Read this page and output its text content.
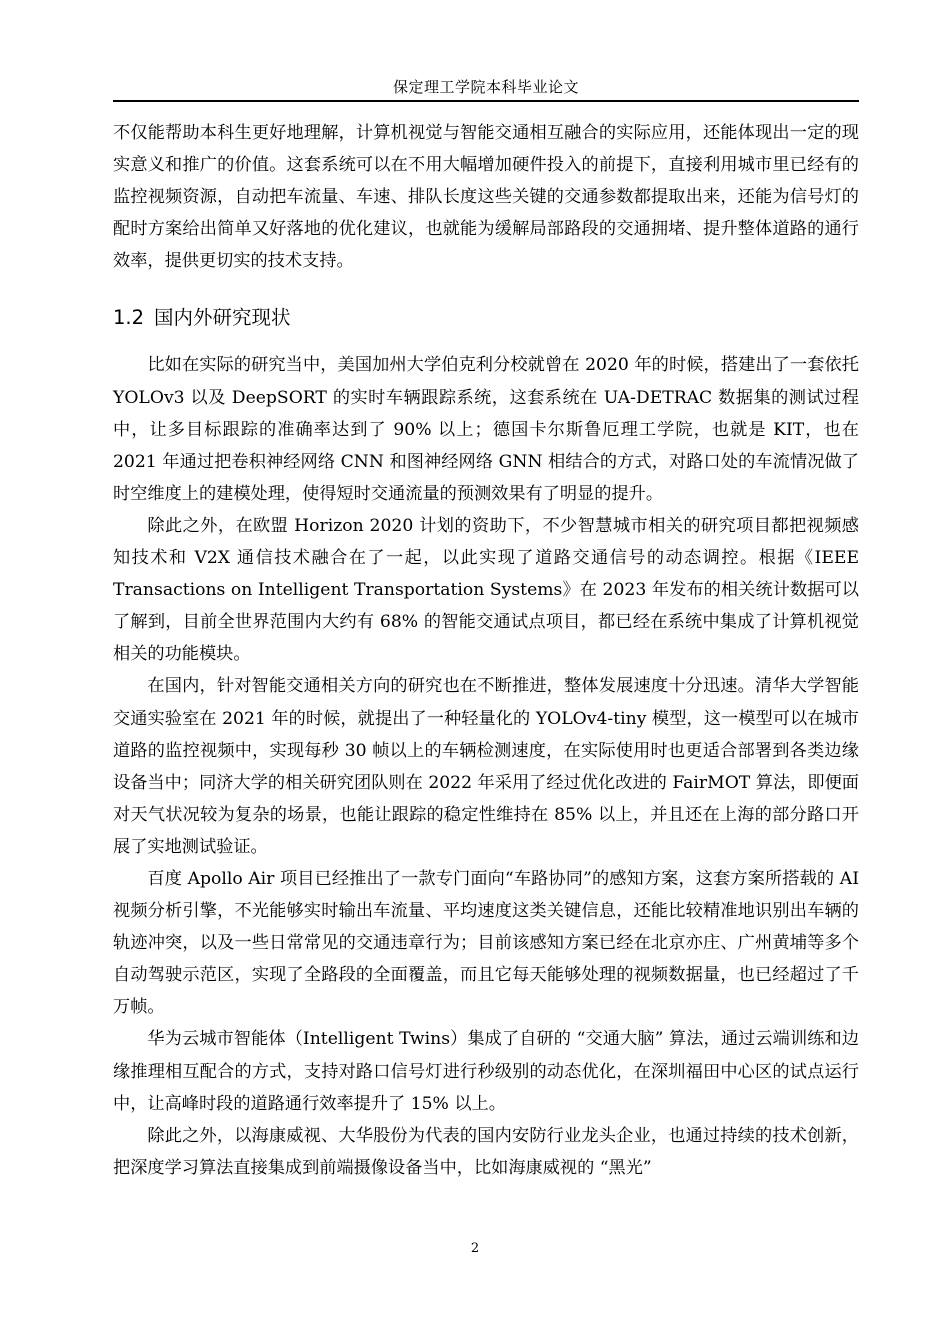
保定理工学院本科毕业论文

不仅能帮助本科生更好地理解，计算机视觉与智能交通相互融合的实际应用，还能体现出一定的现实意义和推广的价值。这套系统可以在不用大幅增加硬件投入的前提下，直接利用城市里已经有的监控视频资源，自动把车流量、车速、排队长度这些关键的交通参数都提取出来，还能为信号灯的配时方案给出简单又好落地的优化建议，也就能为缓解局部路段的交通拥堵、提升整体道路的通行效率，提供更切实的技术支持。

1.2 国内外研究现状

比如在实际的研究当中，美国加州大学伯克利分校就曾在 2020 年的时候，搭建出了一套依托 YOLOv3 以及 DeepSORT 的实时车辆跟踪系统，这套系统在 UA-DETRAC 数据集的测试过程中，让多目标跟踪的准确率达到了 90% 以上；德国卡尔斯鲁厄理工学院，也就是 KIT，也在 2021 年通过把卷积神经网络 CNN 和图神经网络 GNN 相结合的方式，对路口处的车流情况做了时空维度上的建模处理，使得短时交通流量的预测效果有了明显的提升。

除此之外，在欧盟 Horizon 2020 计划的资助下，不少智慧城市相关的研究项目都把视频感知技术和 V2X 通信技术融合在了一起，以此实现了道路交通信号的动态调控。根据《IEEE Transactions on Intelligent Transportation Systems》在 2023 年发布的相关统计数据可以了解到，目前全世界范围内大约有 68% 的智能交通试点项目，都已经在系统中集成了计算机视觉相关的功能模块。

在国内，针对智能交通相关方向的研究也在不断推进，整体发展速度十分迅速。清华大学智能交通实验室在 2021 年的时候，就提出了一种轻量化的 YOLOv4-tiny 模型，这一模型可以在城市道路的监控视频中，实现每秒 30 帧以上的车辆检测速度，在实际使用时也更适合部署到各类边缘设备当中；同济大学的相关研究团队则在 2022 年采用了经过优化改进的 FairMOT 算法，即便面对天气状况较为复杂的场景，也能让跟踪的稳定性维持在 85% 以上，并且还在上海的部分路口开展了实地测试验证。

百度 Apollo Air 项目已经推出了一款专门面向“车路协同”的感知方案，这套方案所搭载的 AI 视频分析引擎，不光能够实时输出车流量、平均速度这类关键信息，还能比较精准地识别出车辆的轨迹冲突，以及一些日常常见的交通违章行为；目前该感知方案已经在北京亦庄、广州黄埔等多个自动驾驶示范区，实现了全路段的全面覆盖，而且它每天能够处理的视频数据量，也已经超过了千万帧。

华为云城市智能体（Intelligent Twins）集成了自研的 “交通大脑” 算法，通过云端训练和边缘推理相互配合的方式，支持对路口信号灯进行秒级别的动态优化，在深圳福田中心区的试点运行中，让高峰时段的道路通行效率提升了 15% 以上。

除此之外，以海康威视、大华股份为代表的国内安防行业龙头企业，也通过持续的技术创新，把深度学习算法直接集成到前端摄像设备当中，比如海康威视的 “黑光”

2
